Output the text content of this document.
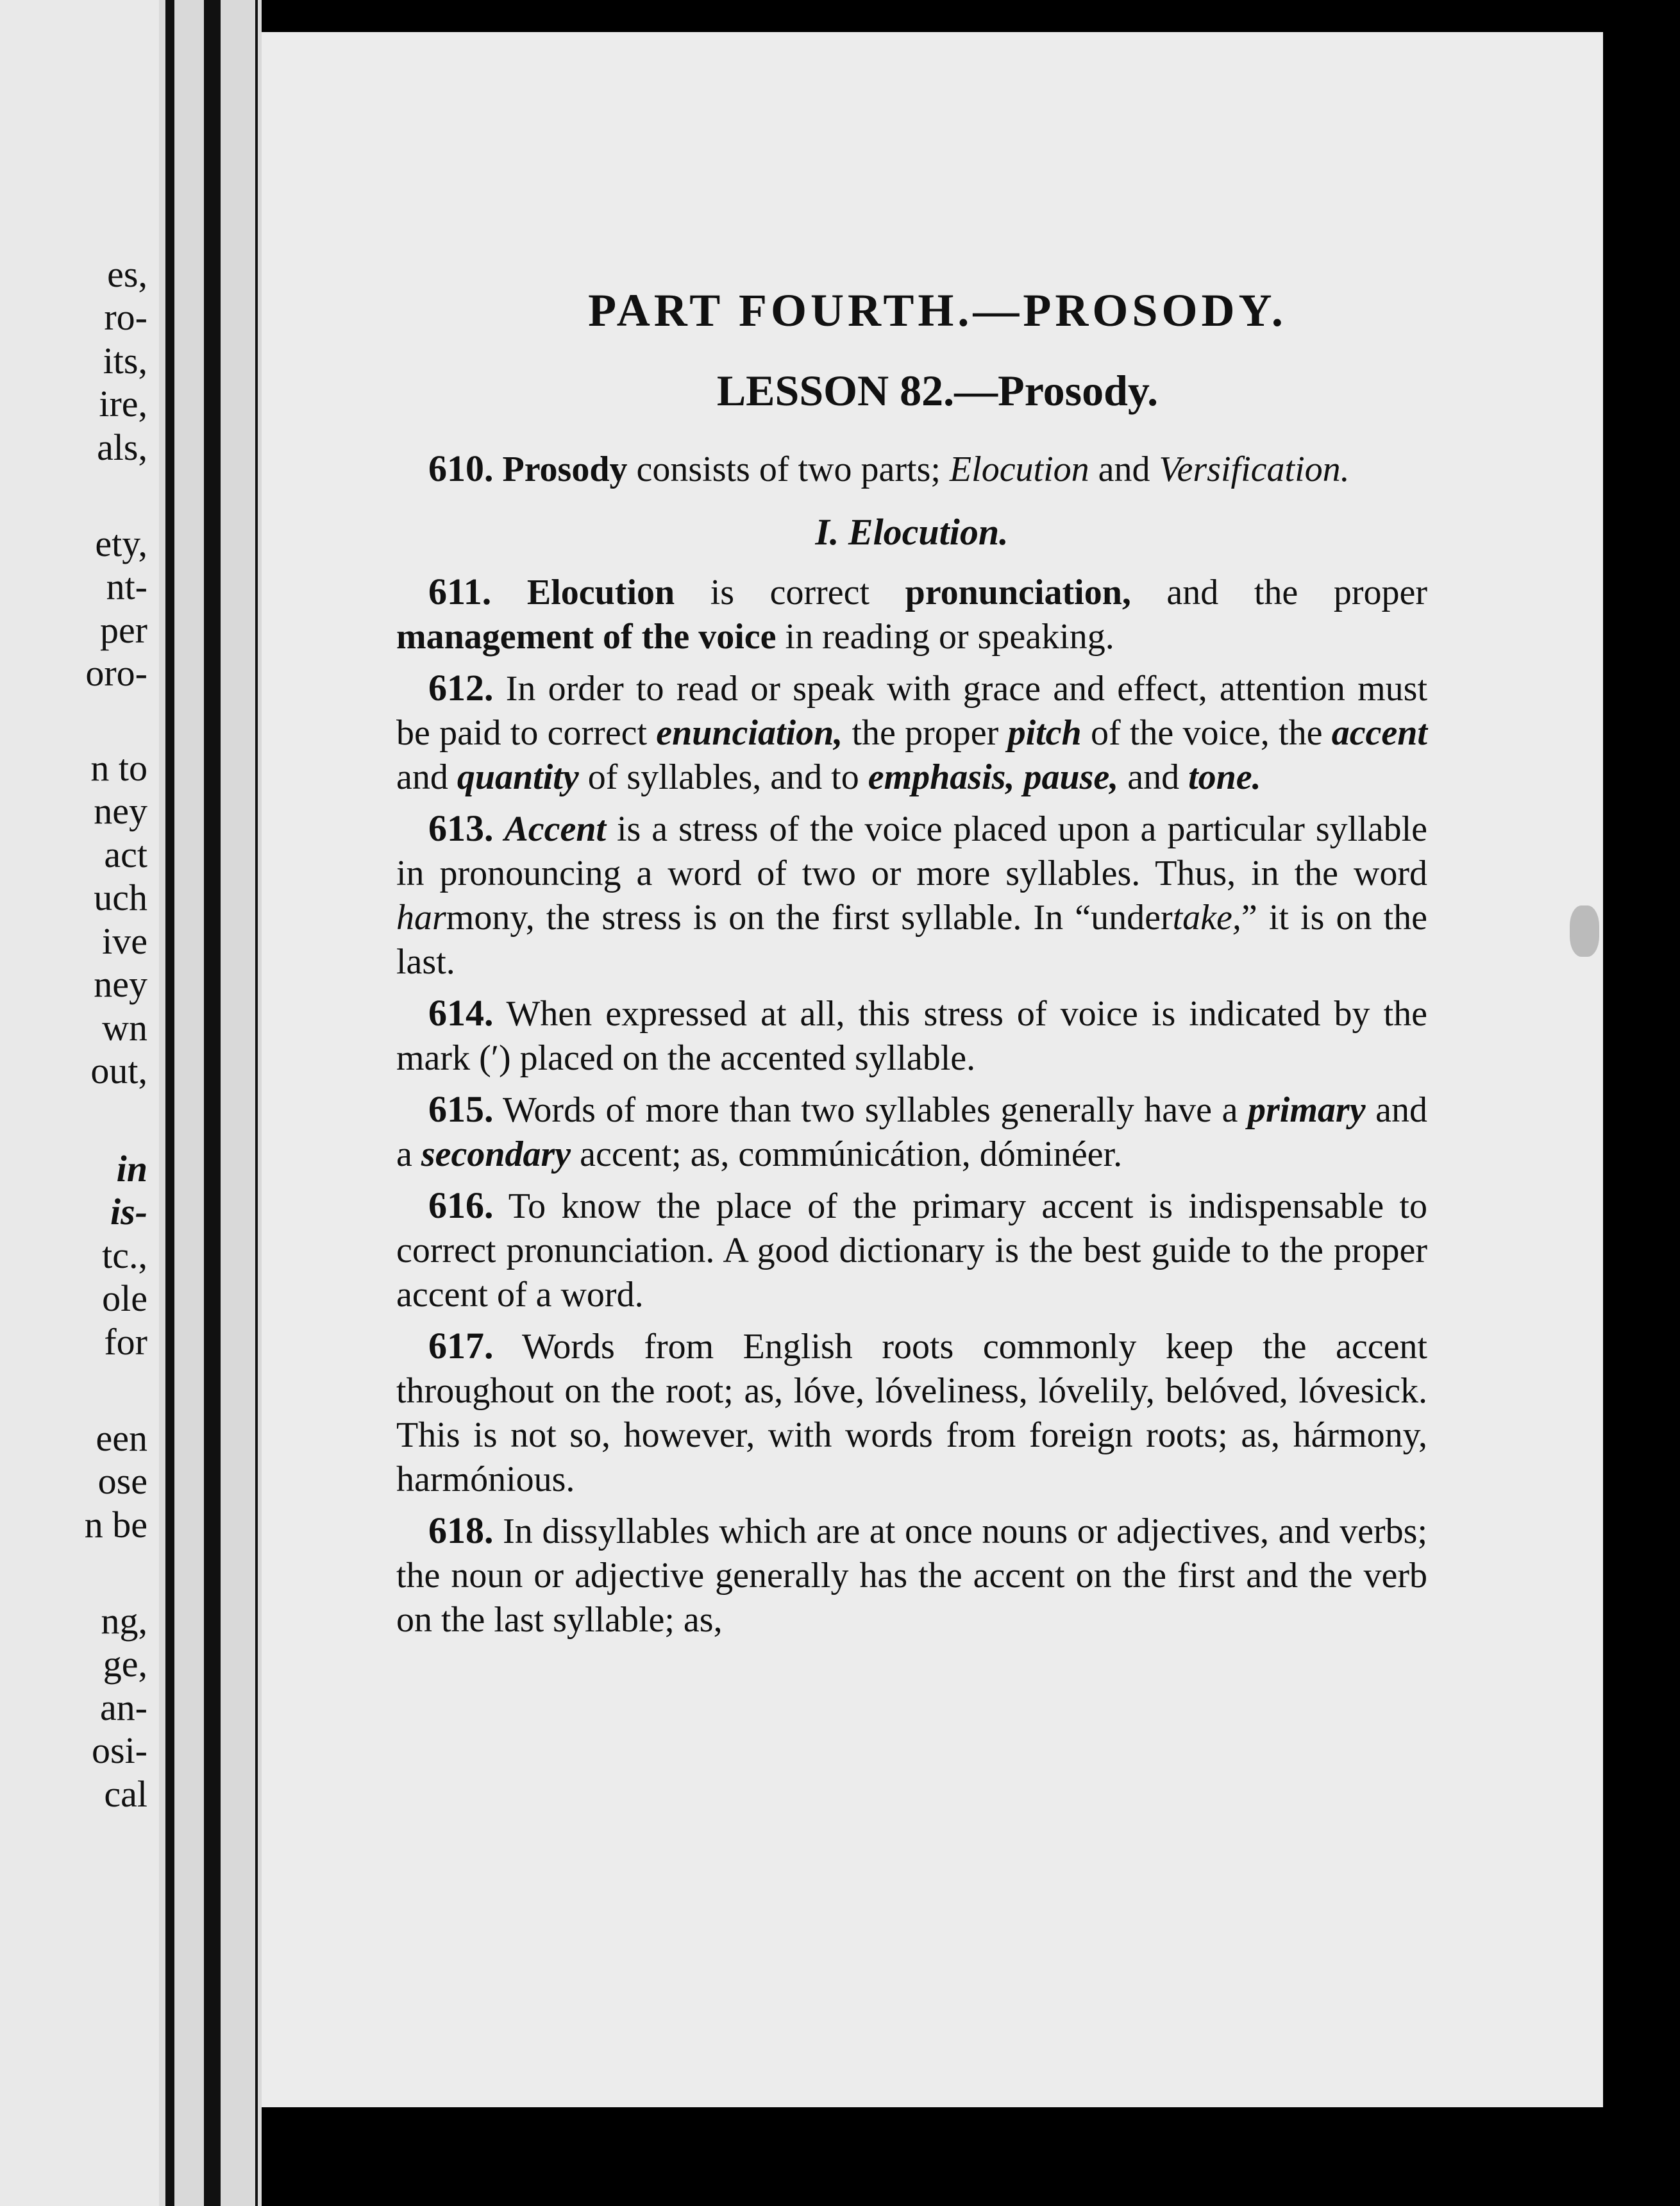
es,
ro-
its,
ire,
als,
ety,
nt-
per
oro-
n to
ney
act
uch
ive
ney
wn
out,
in
is-
tc.,
ole
for
een
ose
n be
ng,
ge,
an-
osi-
cal
PART FOURTH.—PROSODY.
LESSON 82.—Prosody.

610. Prosody consists of two parts; Elocution and Versification.

I. Elocution.

611. Elocution is correct pronunciation, and the proper management of the voice in reading or speaking.

612. In order to read or speak with grace and effect, attention must be paid to correct enunciation, the proper pitch of the voice, the accent and quantity of syllables, and to emphasis, pause, and tone.

613. Accent is a stress of the voice placed upon a particular syllable in pronouncing a word of two or more syllables. Thus, in the word harmony, the stress is on the first syllable. In “undertake,” it is on the last.

614. When expressed at all, this stress of voice is indicated by the mark (′) placed on the accented syllable.

615. Words of more than two syllables generally have a primary and a secondary accent; as, commúnicátion, dóminéer.

616. To know the place of the primary accent is indispensable to correct pronunciation. A good dictionary is the best guide to the proper accent of a word.

617. Words from English roots commonly keep the accent throughout on the root; as, lóve, lóveliness, lóvelily, belóved, lóvesick. This is not so, however, with words from foreign roots; as, hármony, harmónious.

618. In dissyllables which are at once nouns or adjectives, and verbs; the noun or adjective generally has the accent on the first and the verb on the last syllable; as,
